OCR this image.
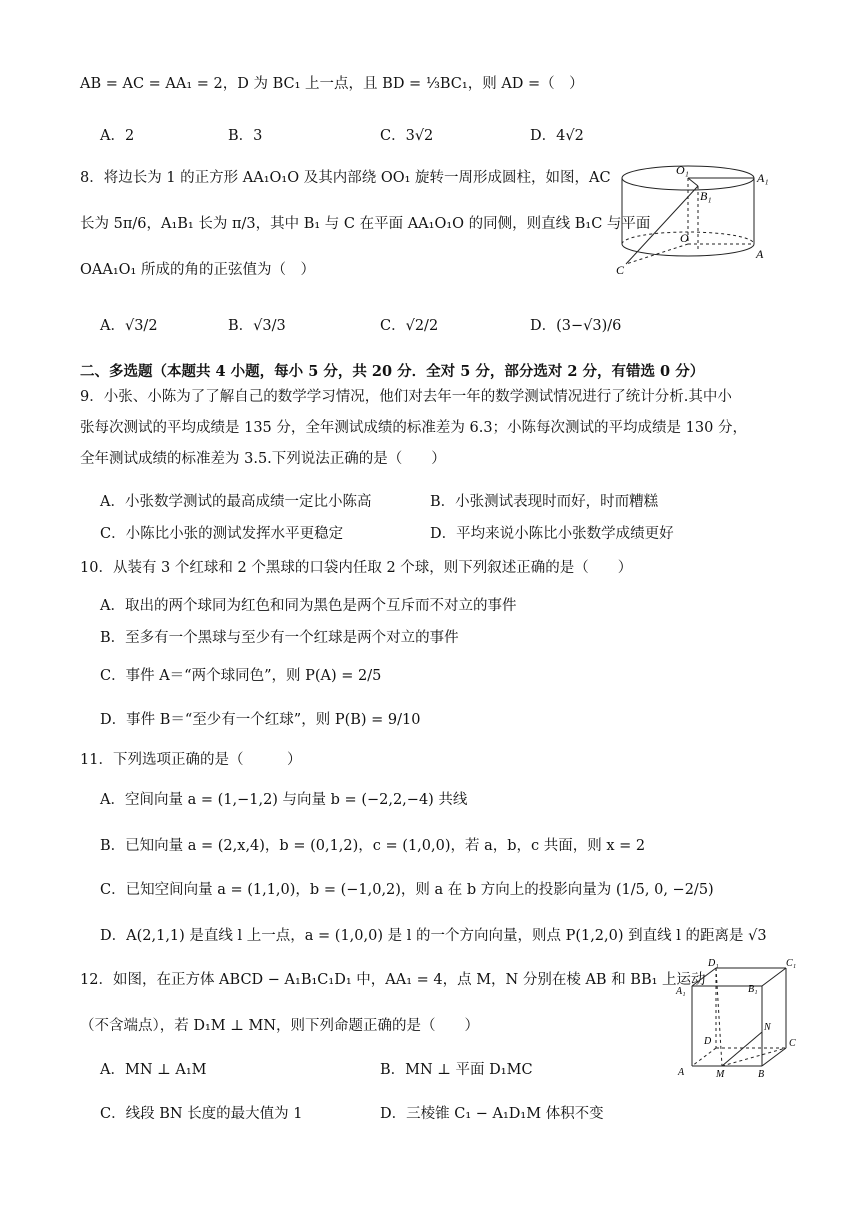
AB = AC = AA₁ = 2，D 为 BC₁ 上一点，且 BD = ⅓BC₁，则 AD =（　）
A．2	B．3	C．3√2	D．4√2
8．将边长为 1 的正方形 AA₁O₁O 及其内部绕 OO₁ 旋转一周形成圆柱，如图，AC
长为 5π/6，A₁B₁ 长为 π/3，其中 B₁ 与 C 在平面 AA₁O₁O 的同侧，则直线 B₁C 与平面
OAA₁O₁ 所成的角的正弦值为（　）
A．√3/2	B．√3/3	C．√2/2	D．(3−√3)/6
O₁
A₁
B₁
O
C
A
二、多选题（本题共 4 小题，每小 5 分，共 20 分．全对 5 分，部分选对 2 分，有错选 0 分）
9．小张、小陈为了了解自己的数学学习情况，他们对去年一年的数学测试情况进行了统计分析.其中小
张每次测试的平均成绩是 135 分，全年测试成绩的标准差为 6.3；小陈每次测试的平均成绩是 130 分，
全年测试成绩的标准差为 3.5.下列说法正确的是（　　）
A．小张数学测试的最高成绩一定比小陈高	B．小张测试表现时而好，时而糟糕
C．小陈比小张的测试发挥水平更稳定	D．平均来说小陈比小张数学成绩更好
10．从装有 3 个红球和 2 个黑球的口袋内任取 2 个球，则下列叙述正确的是（　　）
A．取出的两个球同为红色和同为黑色是两个互斥而不对立的事件
B．至多有一个黑球与至少有一个红球是两个对立的事件
C．事件 A＝“两个球同色”，则 P(A) = 2/5
D．事件 B＝“至少有一个红球”，则 P(B) = 9/10
11．下列选项正确的是（　　　）
A．空间向量 a = (1,−1,2) 与向量 b = (−2,2,−4) 共线
B．已知向量 a = (2,x,4)，b = (0,1,2)，c = (1,0,0)，若 a，b，c 共面，则 x = 2
C．已知空间向量 a = (1,1,0)，b = (−1,0,2)，则 a 在 b 方向上的投影向量为 (1/5, 0, −2/5)
D．A(2,1,1) 是直线 l 上一点，a = (1,0,0) 是 l 的一个方向向量，则点 P(1,2,0) 到直线 l 的距离是 √3
12．如图，在正方体 ABCD − A₁B₁C₁D₁ 中，AA₁ = 4，点 M，N 分别在棱 AB 和 BB₁ 上运动
（不含端点），若 D₁M ⊥ MN，则下列命题正确的是（　　）
A．MN ⊥ A₁M	B．MN ⊥ 平面 D₁MC
C．线段 BN 长度的最大值为 1	D．三棱锥 C₁ − A₁D₁M 体积不变
D₁	C₁
A₁	B₁
N
D	C
A	M	B
